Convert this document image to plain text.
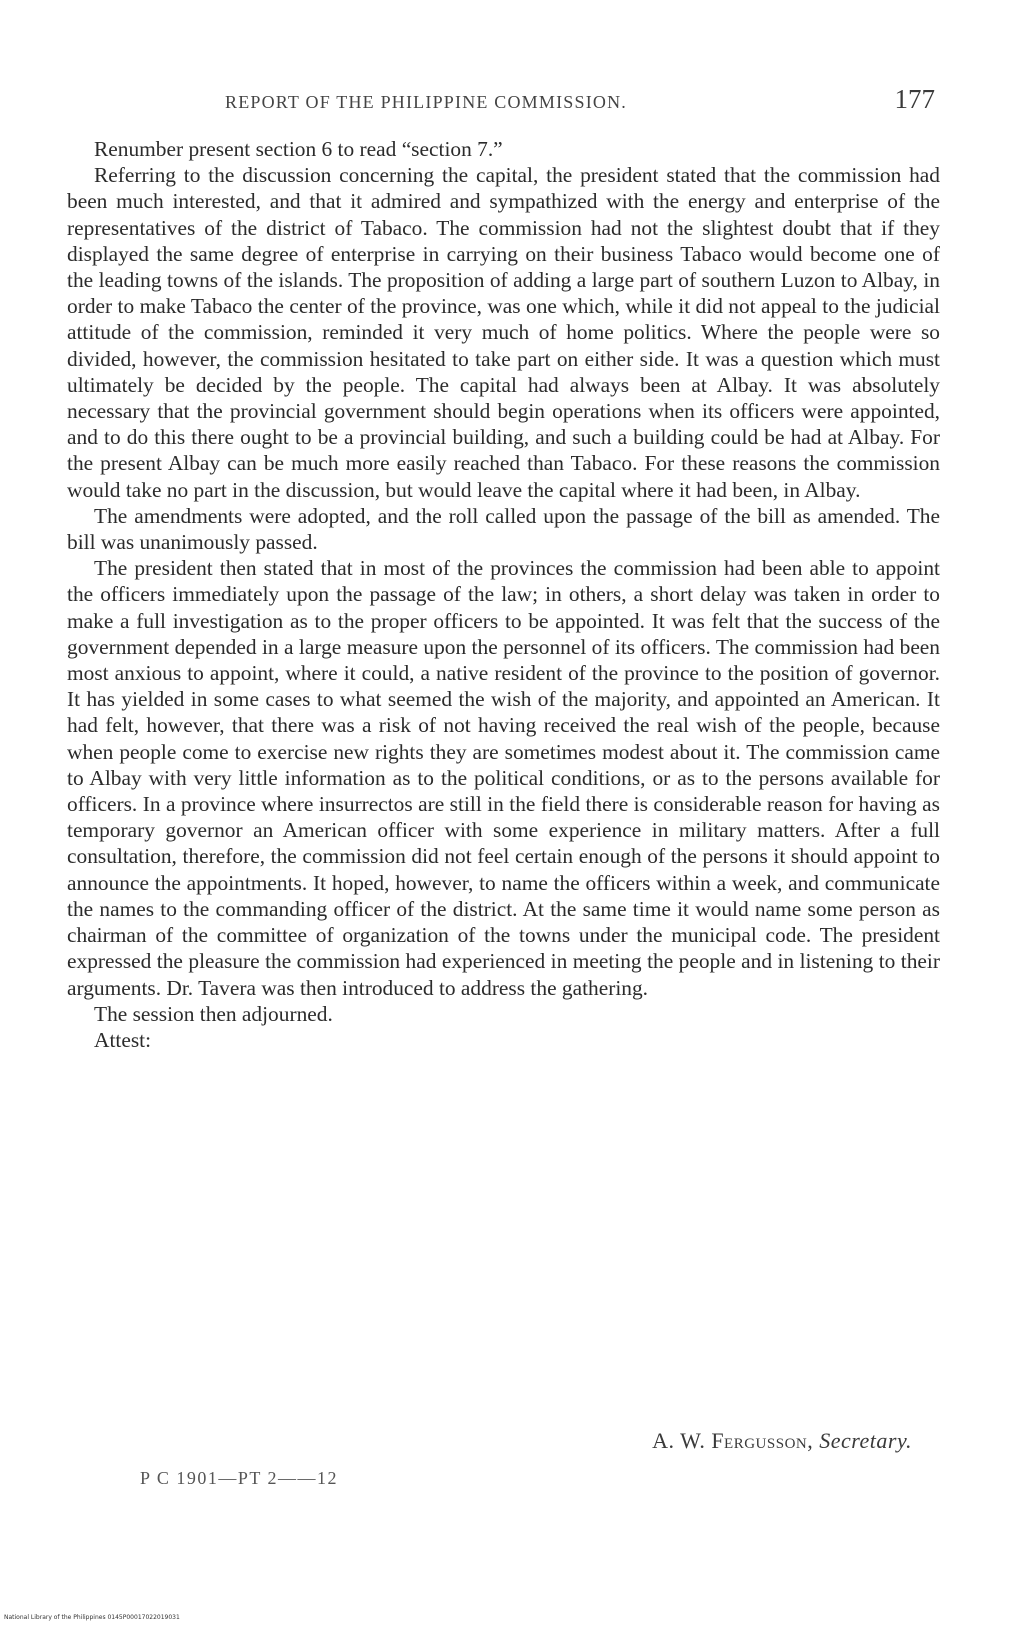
REPORT OF THE PHILIPPINE COMMISSION.	177

Renumber present section 6 to read “section 7.”

Referring to the discussion concerning the capital, the president stated that the commission had been much interested, and that it admired and sympathized with the energy and enterprise of the representatives of the district of Tabaco. The commission had not the slightest doubt that if they displayed the same degree of enterprise in carrying on their business Tabaco would become one of the leading towns of the islands. The proposition of adding a large part of southern Luzon to Albay, in order to make Tabaco the center of the province, was one which, while it did not appeal to the judicial attitude of the commission, reminded it very much of home politics. Where the people were so divided, however, the commission hesitated to take part on either side. It was a question which must ultimately be decided by the people. The capital had always been at Albay. It was absolutely necessary that the provincial government should begin operations when its officers were appointed, and to do this there ought to be a provincial building, and such a building could be had at Albay. For the present Albay can be much more easily reached than Tabaco. For these reasons the commission would take no part in the discussion, but would leave the capital where it had been, in Albay.

The amendments were adopted, and the roll called upon the passage of the bill as amended. The bill was unanimously passed.

The president then stated that in most of the provinces the commission had been able to appoint the officers immediately upon the passage of the law; in others, a short delay was taken in order to make a full investigation as to the proper officers to be appointed. It was felt that the success of the government depended in a large measure upon the personnel of its officers. The commission had been most anxious to appoint, where it could, a native resident of the province to the position of governor. It has yielded in some cases to what seemed the wish of the majority, and appointed an American. It had felt, however, that there was a risk of not having received the real wish of the people, because when people come to exercise new rights they are sometimes modest about it. The commission came to Albay with very little information as to the political conditions, or as to the persons available for officers. In a province where insurrectos are still in the field there is considerable reason for having as temporary governor an American officer with some experience in military matters. After a full consultation, therefore, the commission did not feel certain enough of the persons it should appoint to announce the appointments. It hoped, however, to name the officers within a week, and communicate the names to the commanding officer of the district. At the same time it would name some person as chairman of the committee of organization of the towns under the municipal code. The president expressed the pleasure the commission had experienced in meeting the people and in listening to their arguments. Dr. Tavera was then introduced to address the gathering.

The session then adjourned.

Attest:

A. W. Fergusson, Secretary.
P C 1901—PT 2——12
National Library of the Philippines 0145P00017022019031
